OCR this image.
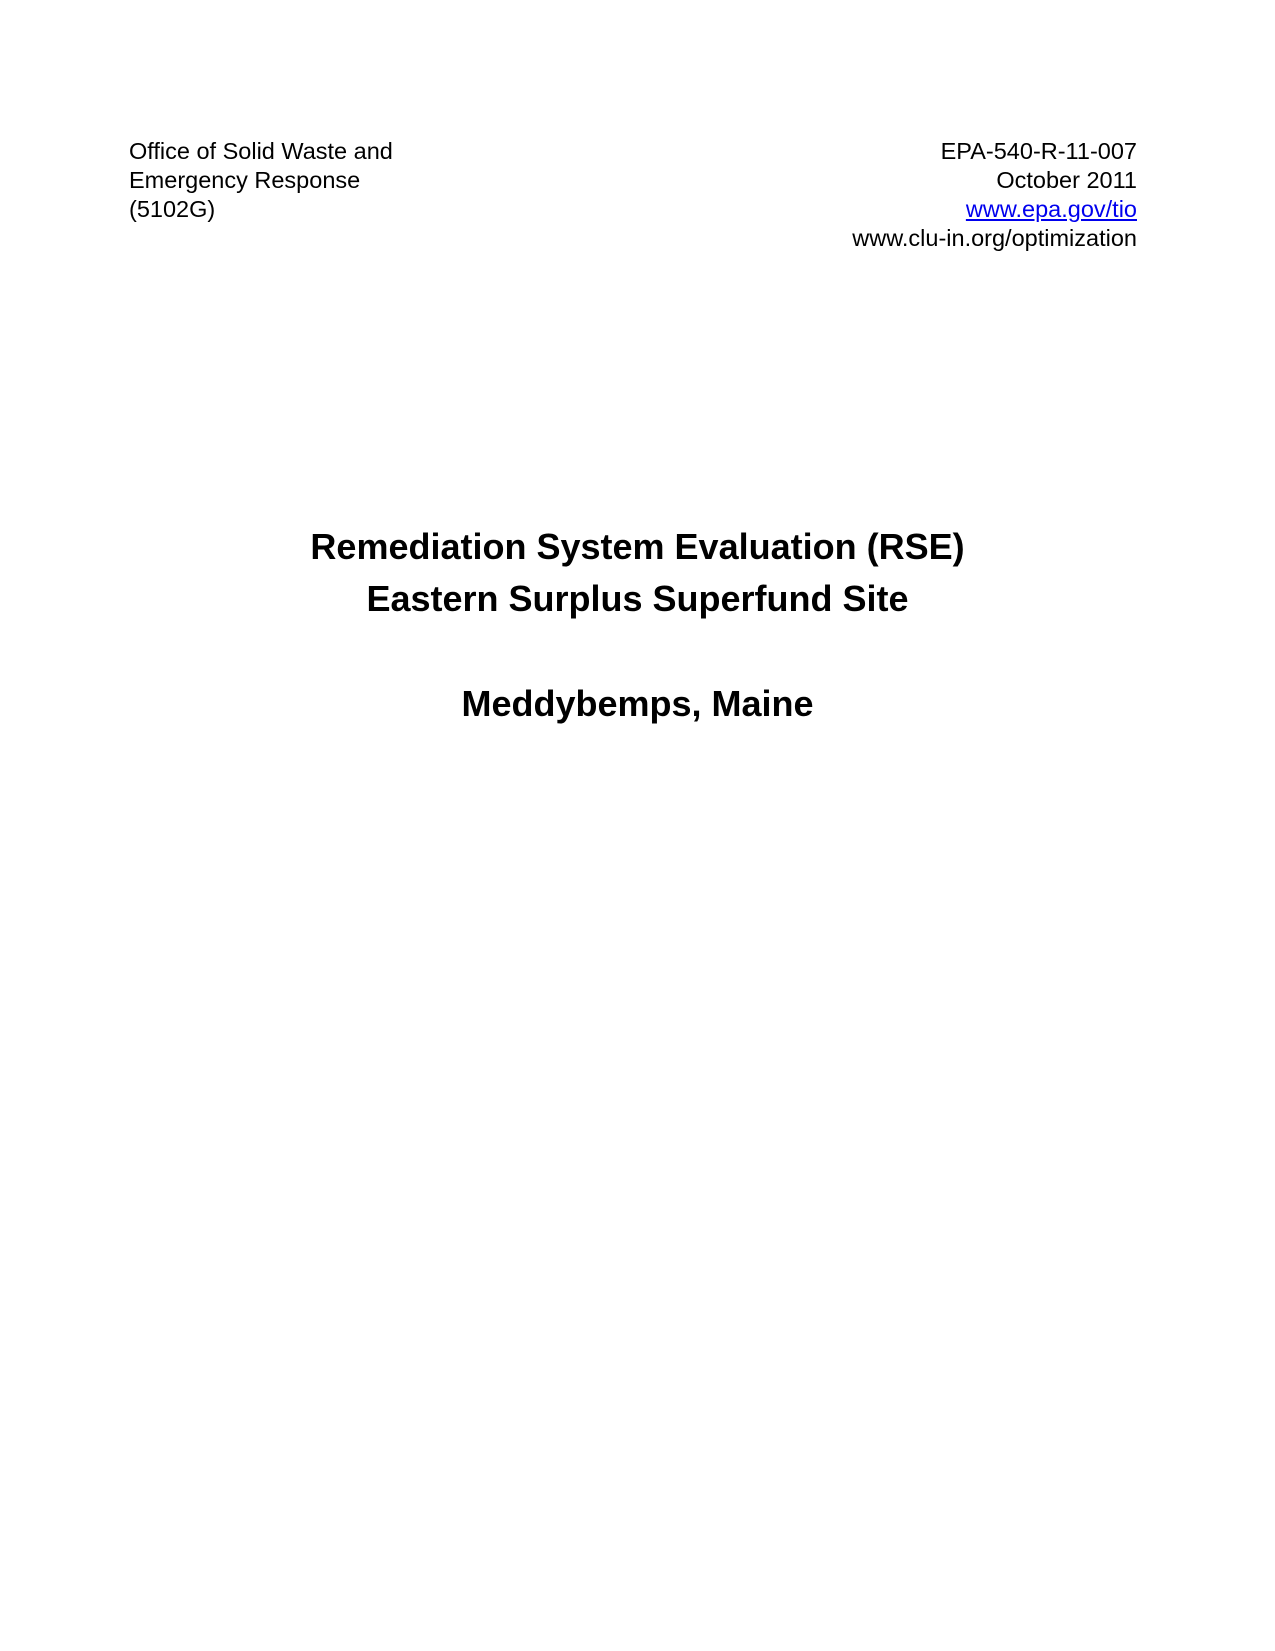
Office of Solid Waste and
Emergency Response
(5102G)
EPA-540-R-11-007
October 2011
www.epa.gov/tio
www.clu-in.org/optimization
Remediation System Evaluation (RSE)
Eastern Surplus Superfund Site
Meddybemps, Maine
